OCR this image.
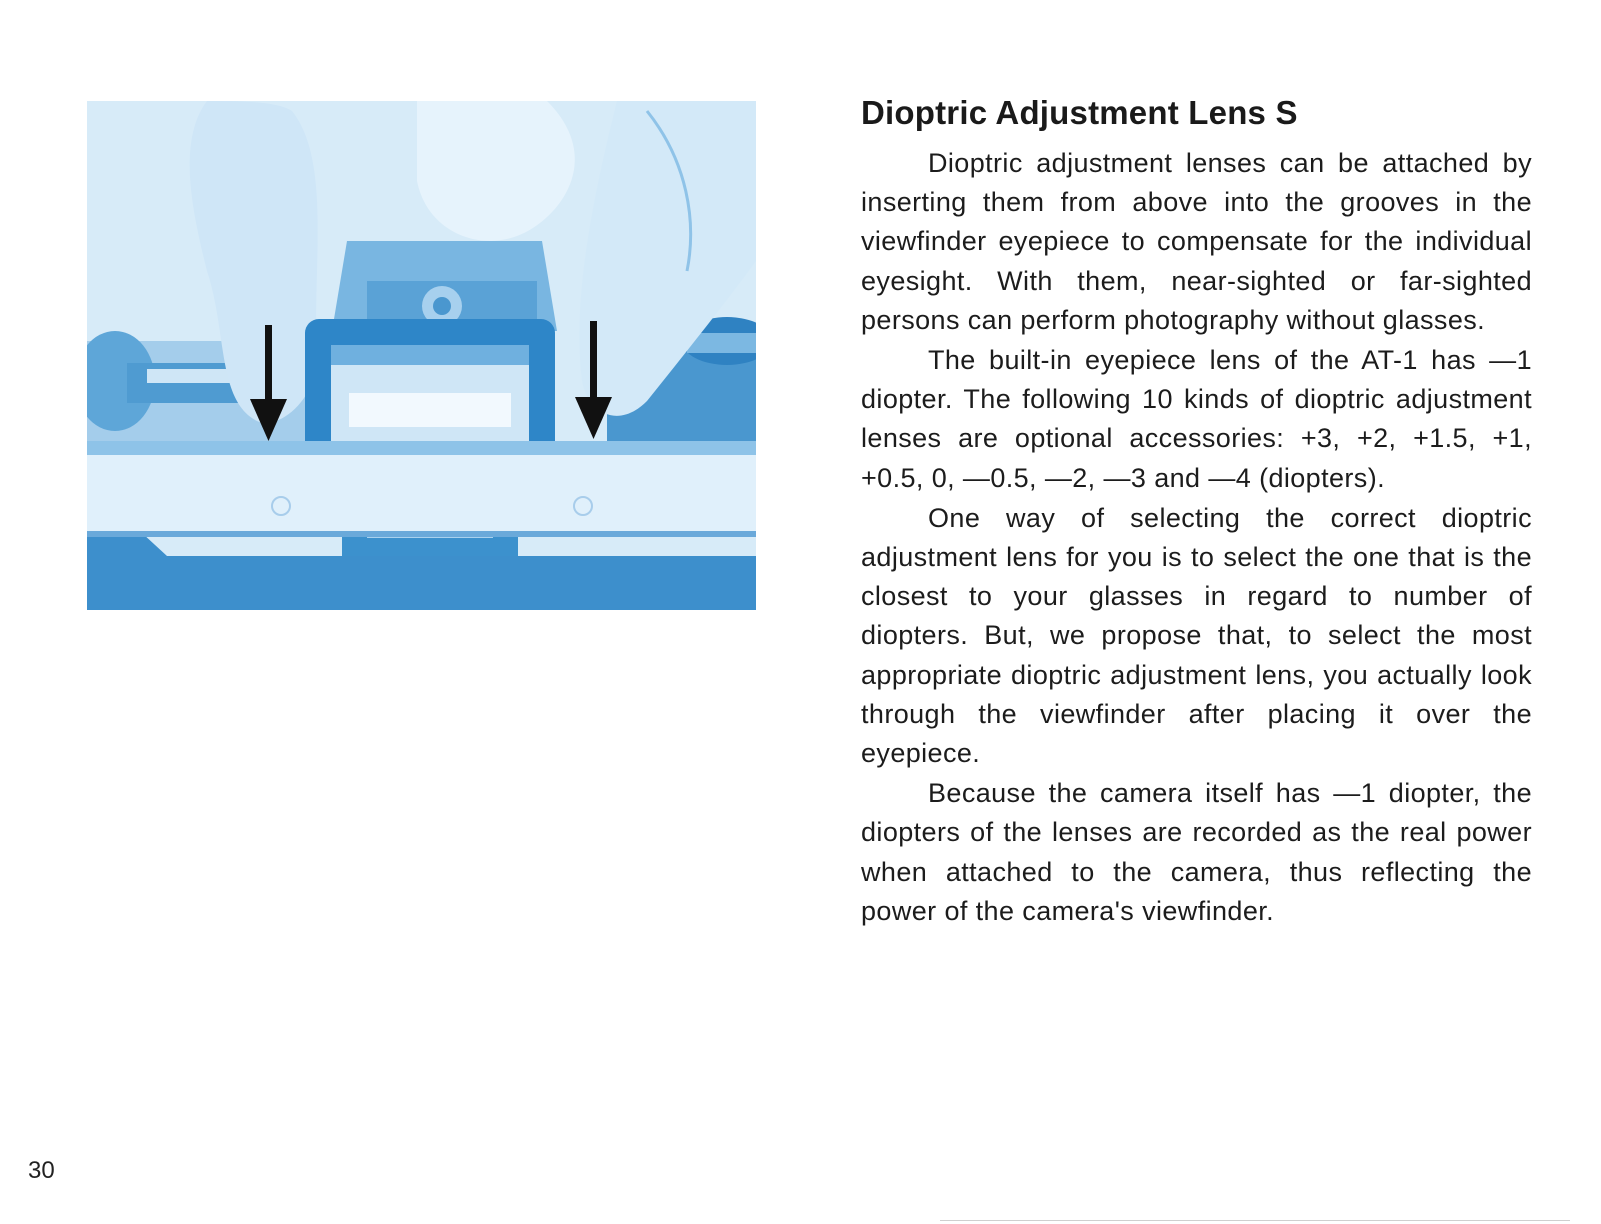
Dioptric Adjustment Lens S

Dioptric adjustment lenses can be attached by inserting them from above into the grooves in the viewfinder eyepiece to compensate for the individual eyesight. With them, near-sighted or far-sighted persons can perform photography without glasses.

The built-in eyepiece lens of the AT-1 has —1 diopter. The following 10 kinds of dioptric adjustment lenses are optional accessories: +3, +2, +1.5, +1, +0.5, 0, —0.5, —2, —3 and —4 (diopters).

One way of selecting the correct dioptric adjustment lens for you is to select the one that is the closest to your glasses in regard to number of diopters. But, we propose that, to select the most appropriate dioptric adjustment lens, you actually look through the viewfinder after placing it over the eyepiece.

Because the camera itself has —1 diopter, the diopters of the lenses are recorded as the real power when attached to the camera, thus reflecting the power of the camera's viewfinder.

30
